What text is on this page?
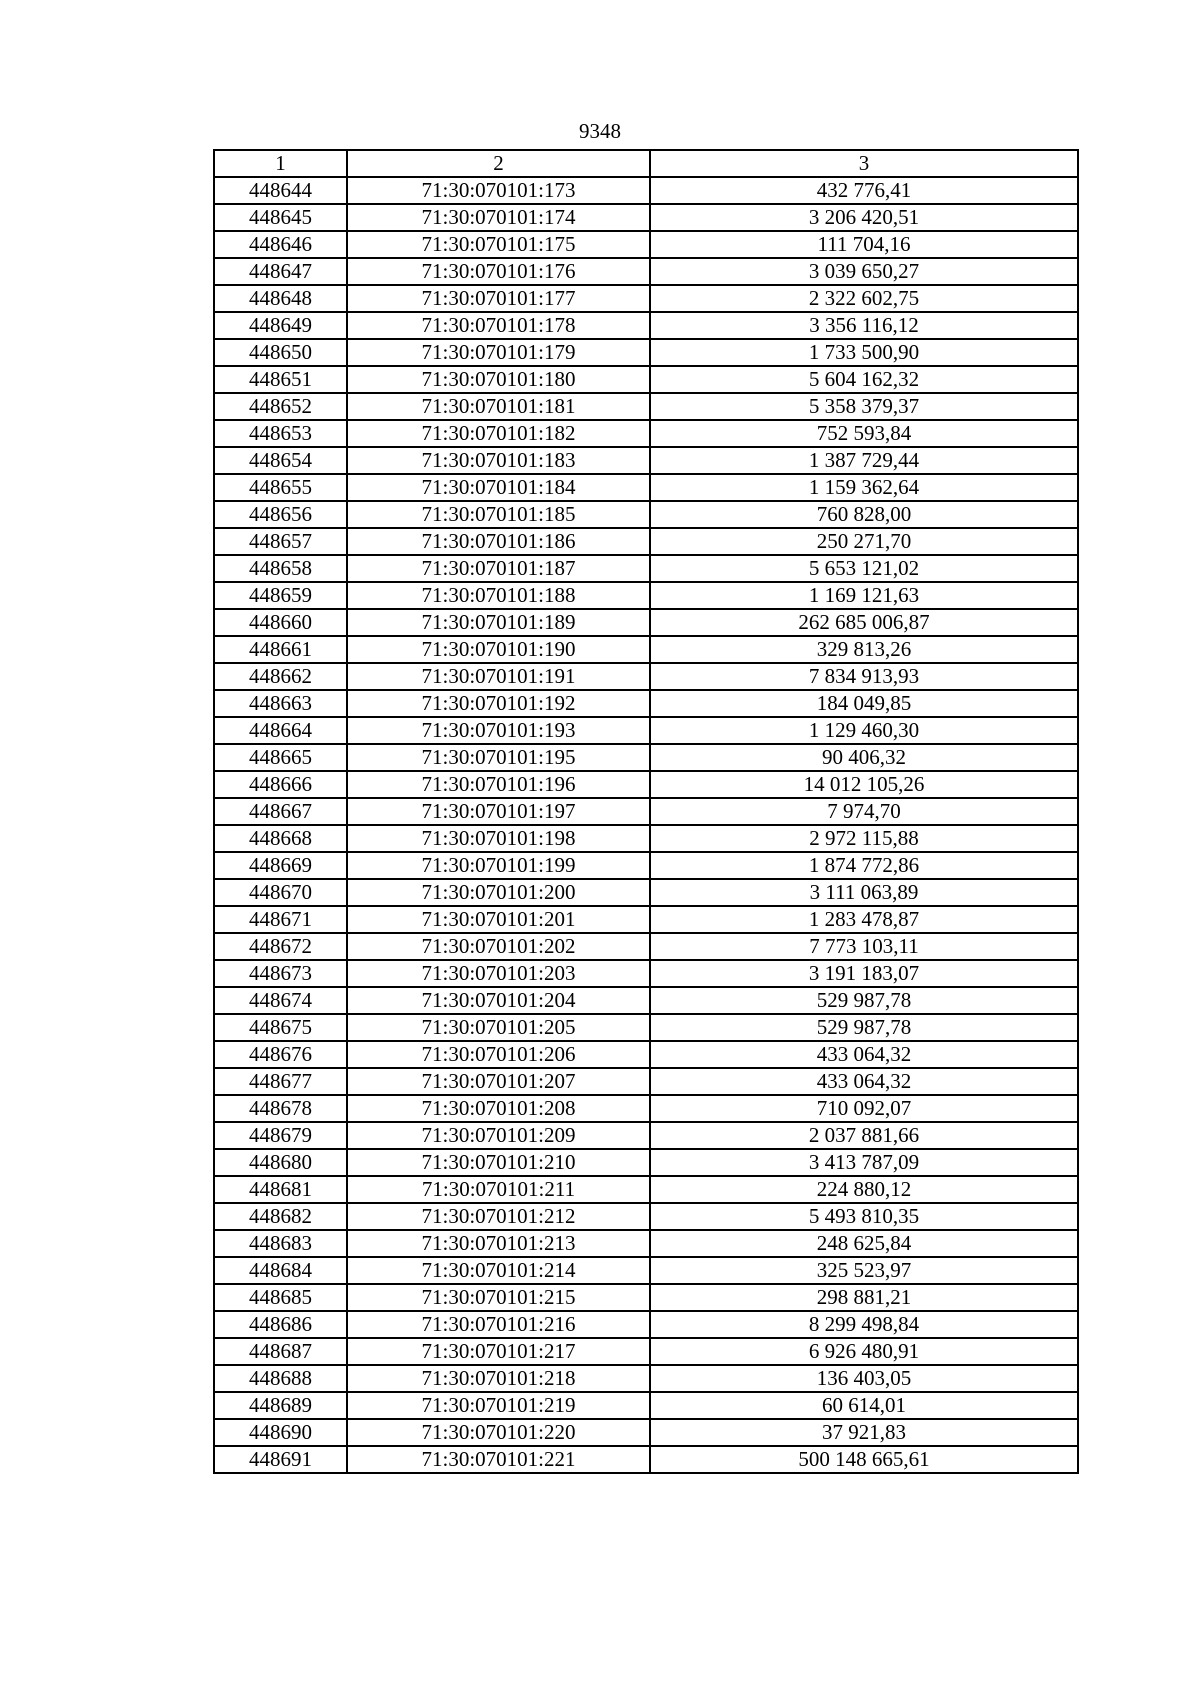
9348
1	2	3
448644	71:30:070101:173	432 776,41
448645	71:30:070101:174	3 206 420,51
448646	71:30:070101:175	111 704,16
448647	71:30:070101:176	3 039 650,27
448648	71:30:070101:177	2 322 602,75
448649	71:30:070101:178	3 356 116,12
448650	71:30:070101:179	1 733 500,90
448651	71:30:070101:180	5 604 162,32
448652	71:30:070101:181	5 358 379,37
448653	71:30:070101:182	752 593,84
448654	71:30:070101:183	1 387 729,44
448655	71:30:070101:184	1 159 362,64
448656	71:30:070101:185	760 828,00
448657	71:30:070101:186	250 271,70
448658	71:30:070101:187	5 653 121,02
448659	71:30:070101:188	1 169 121,63
448660	71:30:070101:189	262 685 006,87
448661	71:30:070101:190	329 813,26
448662	71:30:070101:191	7 834 913,93
448663	71:30:070101:192	184 049,85
448664	71:30:070101:193	1 129 460,30
448665	71:30:070101:195	90 406,32
448666	71:30:070101:196	14 012 105,26
448667	71:30:070101:197	7 974,70
448668	71:30:070101:198	2 972 115,88
448669	71:30:070101:199	1 874 772,86
448670	71:30:070101:200	3 111 063,89
448671	71:30:070101:201	1 283 478,87
448672	71:30:070101:202	7 773 103,11
448673	71:30:070101:203	3 191 183,07
448674	71:30:070101:204	529 987,78
448675	71:30:070101:205	529 987,78
448676	71:30:070101:206	433 064,32
448677	71:30:070101:207	433 064,32
448678	71:30:070101:208	710 092,07
448679	71:30:070101:209	2 037 881,66
448680	71:30:070101:210	3 413 787,09
448681	71:30:070101:211	224 880,12
448682	71:30:070101:212	5 493 810,35
448683	71:30:070101:213	248 625,84
448684	71:30:070101:214	325 523,97
448685	71:30:070101:215	298 881,21
448686	71:30:070101:216	8 299 498,84
448687	71:30:070101:217	6 926 480,91
448688	71:30:070101:218	136 403,05
448689	71:30:070101:219	60 614,01
448690	71:30:070101:220	37 921,83
448691	71:30:070101:221	500 148 665,61
